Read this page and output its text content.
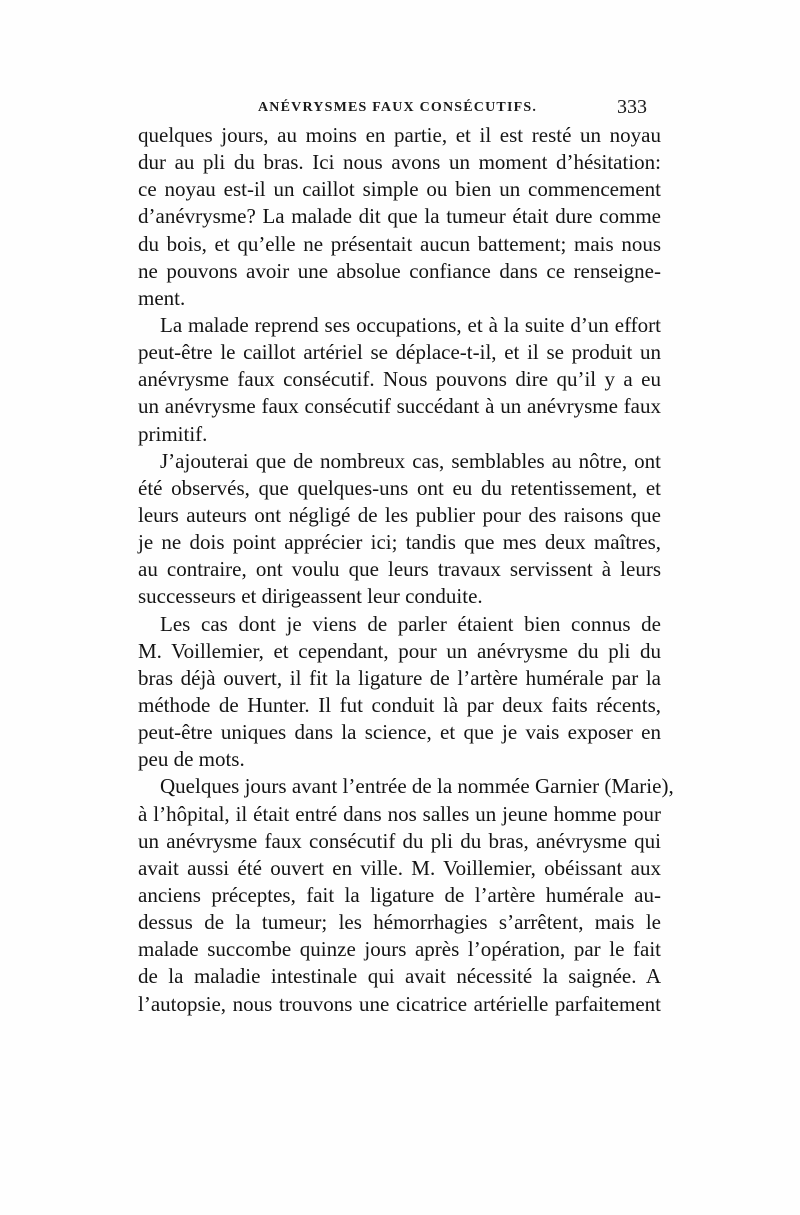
ANÉVRYSMES FAUX CONSÉCUTIFS.	333
quelques jours, au moins en partie, et il est resté un noyau
dur au pli du bras. Ici nous avons un moment d’hésitation:
ce noyau est-il un caillot simple ou bien un commencement
d’anévrysme? La malade dit que la tumeur était dure comme
du bois, et qu’elle ne présentait aucun battement; mais nous
ne pouvons avoir une absolue confiance dans ce renseigne-
ment.
La malade reprend ses occupations, et à la suite d’un effort
peut-être le caillot artériel se déplace-t-il, et il se produit un
anévrysme faux consécutif. Nous pouvons dire qu’il y a eu
un anévrysme faux consécutif succédant à un anévrysme faux
primitif.
J’ajouterai que de nombreux cas, semblables au nôtre, ont
été observés, que quelques-uns ont eu du retentissement, et
leurs auteurs ont négligé de les publier pour des raisons que
je ne dois point apprécier ici; tandis que mes deux maîtres,
au contraire, ont voulu que leurs travaux servissent à leurs
successeurs et dirigeassent leur conduite.
Les cas dont je viens de parler étaient bien connus de
M. Voillemier, et cependant, pour un anévrysme du pli du
bras déjà ouvert, il fit la ligature de l’artère humérale par la
méthode de Hunter. Il fut conduit là par deux faits récents,
peut-être uniques dans la science, et que je vais exposer en
peu de mots.
Quelques jours avant l’entrée de la nommée Garnier (Marie),
à l’hôpital, il était entré dans nos salles un jeune homme pour
un anévrysme faux consécutif du pli du bras, anévrysme qui
avait aussi été ouvert en ville. M. Voillemier, obéissant aux
anciens préceptes, fait la ligature de l’artère humérale au-
dessus de la tumeur; les hémorrhagies s’arrêtent, mais le
malade succombe quinze jours après l’opération, par le fait
de la maladie intestinale qui avait nécessité la saignée. A
l’autopsie, nous trouvons une cicatrice artérielle parfaitement
